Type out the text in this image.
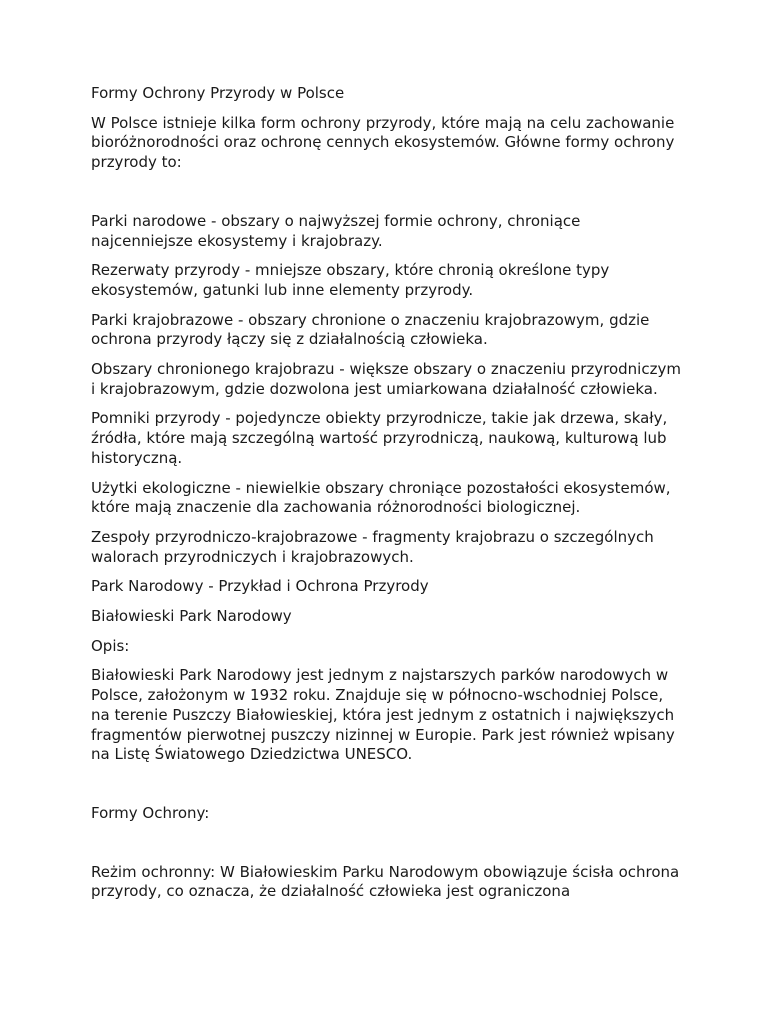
Formy Ochrony Przyrody w Polsce

W Polsce istnieje kilka form ochrony przyrody, które mają na celu zachowanie bioróżnorodności oraz ochronę cennych ekosystemów. Główne formy ochrony przyrody to:

Parki narodowe - obszary o najwyższej formie ochrony, chroniące najcenniejsze ekosystemy i krajobrazy.

Rezerwaty przyrody - mniejsze obszary, które chronią określone typy ekosystemów, gatunki lub inne elementy przyrody.

Parki krajobrazowe - obszary chronione o znaczeniu krajobrazowym, gdzie ochrona przyrody łączy się z działalnością człowieka.

Obszary chronionego krajobrazu - większe obszary o znaczeniu przyrodniczym i krajobrazowym, gdzie dozwolona jest umiarkowana działalność człowieka.

Pomniki przyrody - pojedyncze obiekty przyrodnicze, takie jak drzewa, skały, źródła, które mają szczególną wartość przyrodniczą, naukową, kulturową lub historyczną.

Użytki ekologiczne - niewielkie obszary chroniące pozostałości ekosystemów, które mają znaczenie dla zachowania różnorodności biologicznej.

Zespoły przyrodniczo-krajobrazowe - fragmenty krajobrazu o szczególnych walorach przyrodniczych i krajobrazowych.

Park Narodowy - Przykład i Ochrona Przyrody

Białowieski Park Narodowy

Opis:

Białowieski Park Narodowy jest jednym z najstarszych parków narodowych w Polsce, założonym w 1932 roku. Znajduje się w północno-wschodniej Polsce, na terenie Puszczy Białowieskiej, która jest jednym z ostatnich i największych fragmentów pierwotnej puszczy nizinnej w Europie. Park jest również wpisany na Listę Światowego Dziedzictwa UNESCO.

Formy Ochrony:

Reżim ochronny: W Białowieskim Parku Narodowym obowiązuje ścisła ochrona przyrody, co oznacza, że działalność człowieka jest ograniczona
